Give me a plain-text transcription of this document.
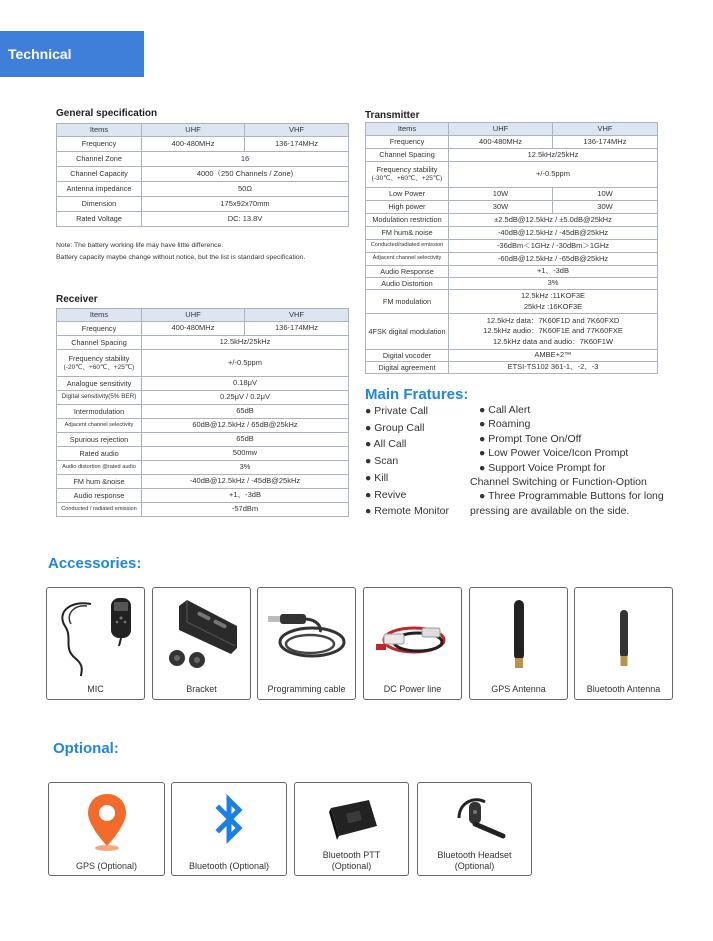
Technical parameters
General specification
Items	UHF	VHF
Frequency	400-480MHz	136-174MHz
Channel Zone	16	
Channel Capacity	4000（250 Channels / Zone)	
Antenna impedance	50Ω	
Dimension	175x92x70mm	
Rated Voltage	DC: 13.8V	
Note: The battery working life may have little difference.
Battery capacity maybe change without notice, but the list is standard specification.
Receiver
Items	UHF	VHF
Frequency	400-480MHz	136-174MHz
Channel Spacing	12.5kHz/25kHz	

Frequency stability
(-20℃、+60℃、+25℃)	+/-0.5ppm	
Analogue sensitivity	0.18μV	
Digital sensitivity(5% BER)	0.25μV / 0.2μV	
Intermodulation	65dB	
Adjacent channel selectivity	60dB@12.5kHz / 65dB@25kHz	
Spurious rejection	65dB	
Rated audio	500mw	
Audio distortion @rated audio	3%	
FM hum &noise	-40dB@12.5kHz / -45dB@25kHz	
Audio response	+1、-3dB	
Conducted / radiated emission	-57dBm	
Transmitter
Items	UHF	VHF
Frequency	400-480MHz	136-174MHz
Channel Spacing	12.5kHz/25kHz	

Frequency stability
(-30℃、+60℃、+25℃)	+/-0.5ppm	
Low Power	10W	10W
High power	30W	30W
Modulation restriction	±2.5dB@12.5kHz / ±5.0dB@25kHz	
FM hum& noise	-40dB@12.5kHz / -45dB@25kHz	
Conducted/radiated emission	-36dBm＜1GHz / -30dBm＞1GHz	
Adjacent channel selectivity	-60dB@12.5kHz / -65dB@25kHz	
Audio Response	+1、-3dB	
Audio Distortion	3%	
FM modulation	12.5kHz :11KOF3E
25kHz :16KOF3E	

4FSK digital modulation	12.5kHz data：7K60F1D and 7K60FXD
12.5kHz audio：7K60F1E and 77K60FXE
12.5kHz data and audio：7K60F1W	

Digital vocoder	AMBE+2™	
Digital agreement	ETSI-TS102 361-1、-2、-3	
Main Fratures:
● Private Call
● Group Call
● All Call
● Scan
● Kill
● Revive
● Remote Monitor
● Call Alert
● Roaming
● Prompt Tone On/Off
● Low Power Voice/Icon Prompt
● Support Voice Prompt for
Channel Switching or Function-Option
● Three Programmable Buttons for long
pressing are available on the side.
Accessories:
MIC	Bracket	Programming cable	DC Power line	GPS Antenna	Bluetooth Antenna
Optional:
GPS (Optional)	Bluetooth (Optional)
Bluetooth PTT
(Optional)
Bluetooth Headset
(Optional)
